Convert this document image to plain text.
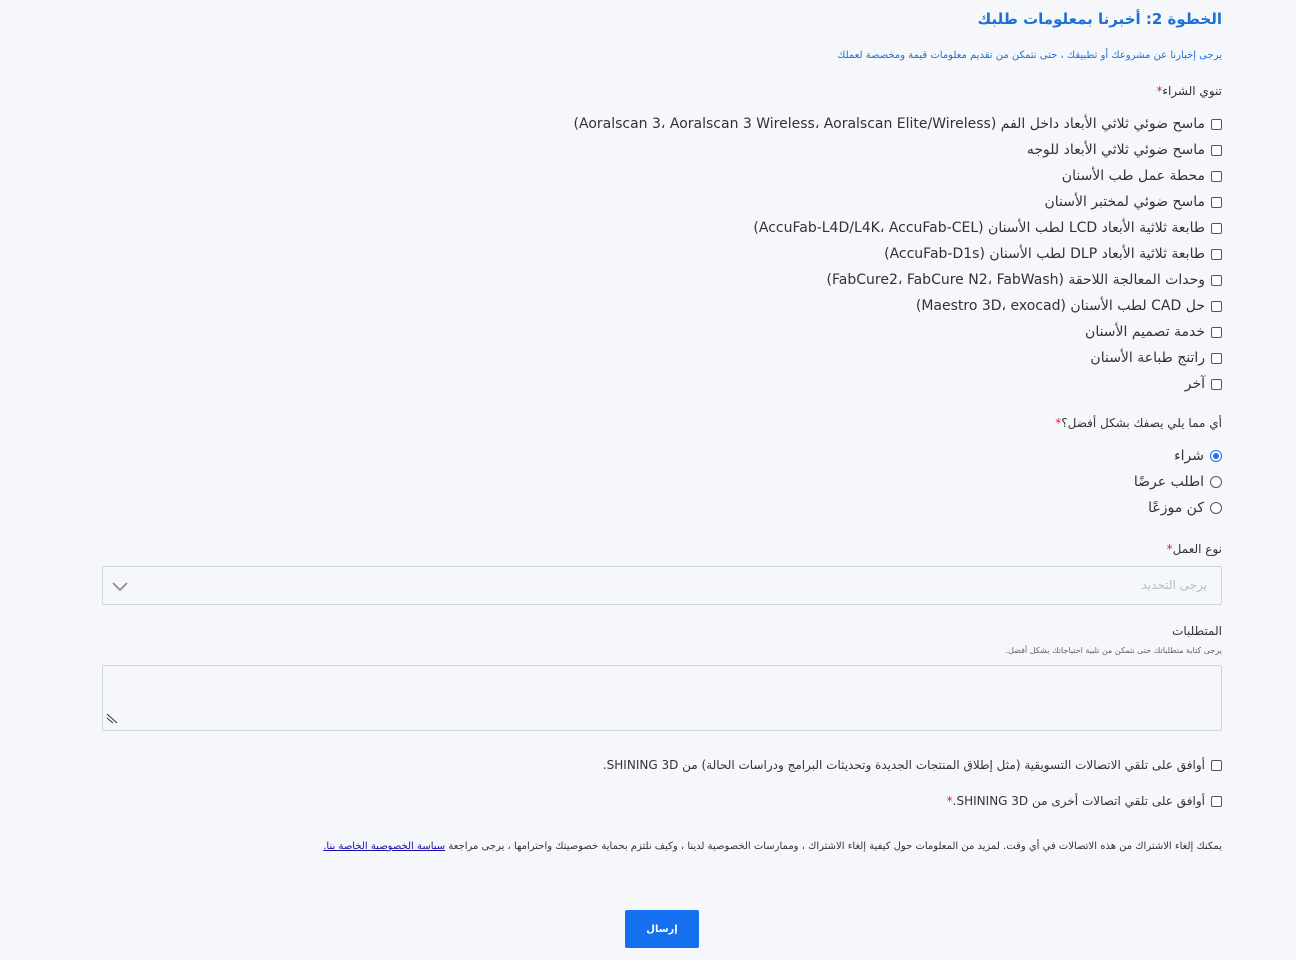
الخطوة 2: أخبرنا بمعلومات طلبك
يرجى إخبارنا عن مشروعك أو تطبيقك ، حتى نتمكن من تقديم معلومات قيمة ومخصصة لعملك
تنوي الشراء*
ماسح ضوئي ثلاثي الأبعاد داخل الفم (Aoralscan 3، Aoralscan 3 Wireless، Aoralscan Elite/Wireless)
ماسح ضوئي ثلاثي الأبعاد للوجه
محطة عمل طب الأسنان
ماسح ضوئي لمختبر الأسنان
طابعة ثلاثية الأبعاد LCD لطب الأسنان (AccuFab-L4D/L4K، AccuFab-CEL)
طابعة ثلاثية الأبعاد DLP لطب الأسنان (AccuFab-D1s)
وحدات المعالجة اللاحقة (FabCure2، FabCure N2، FabWash)
حل CAD لطب الأسنان (Maestro 3D، exocad)
خدمة تصميم الأسنان
راتنج طباعة الأسنان
آخر
أي مما يلي يصفك بشكل أفضل؟*
شراء
اطلب عرضًا
كن موزعًا
نوع العمل*
يرجى التحديد
المتطلبات
يرجى كتابة متطلباتك حتى نتمكن من تلبية احتياجاتك بشكل أفضل.
أوافق على تلقي الاتصالات التسويقية (مثل إطلاق المنتجات الجديدة وتحديثات البرامج ودراسات الحالة) من SHINING 3D.
أوافق على تلقي اتصالات أخرى من SHINING 3D.
*
يمكنك إلغاء الاشتراك من هذه الاتصالات في أي وقت. لمزيد من المعلومات حول كيفية إلغاء الاشتراك ، وممارسات الخصوصية لدينا ، وكيف نلتزم بحماية خصوصيتك واحترامها ، يرجى مراجعة سياسة الخصوصية الخاصة بنا.
إرسال
